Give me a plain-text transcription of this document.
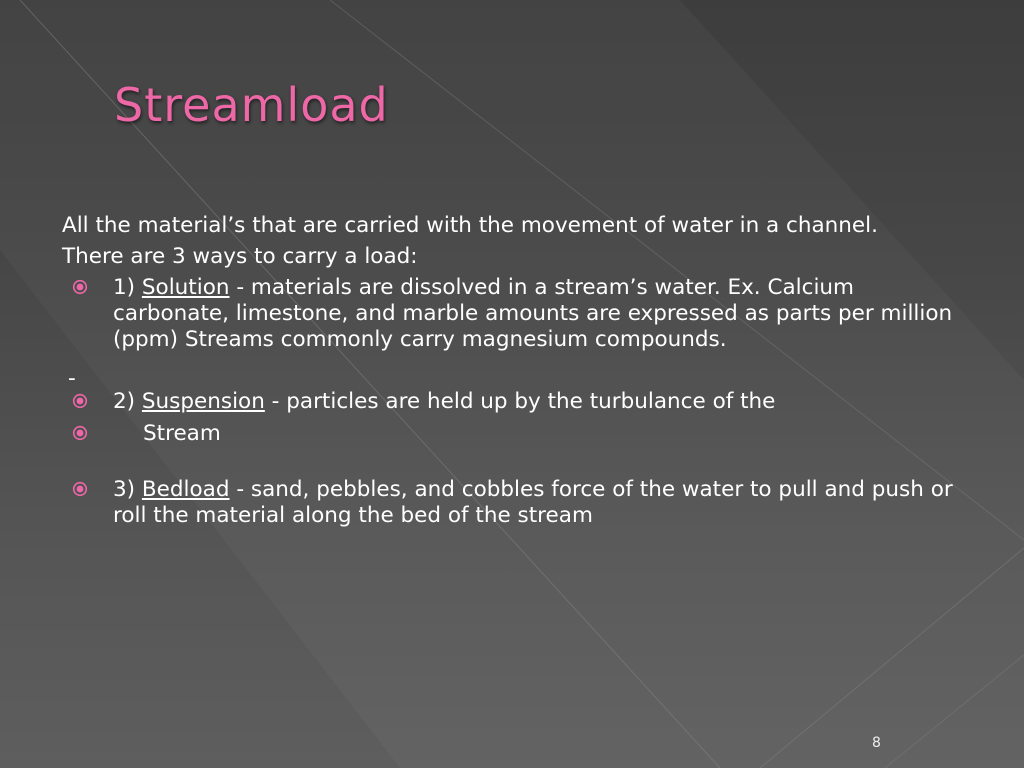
Streamload

All the material’s that are carried with the movement of water in a channel.

There are 3 ways to carry a load:

1) Solution - materials are dissolved in a stream’s water. Ex. Calcium carbonate, limestone, and marble amounts are expressed as parts per million (ppm) Streams commonly carry magnesium compounds.
-
2) Suspension - particles are held up by the turbulance of the
Stream
3) Bedload - sand, pebbles, and cobbles force of the water to pull and push or roll the material along the bed of the stream
8
